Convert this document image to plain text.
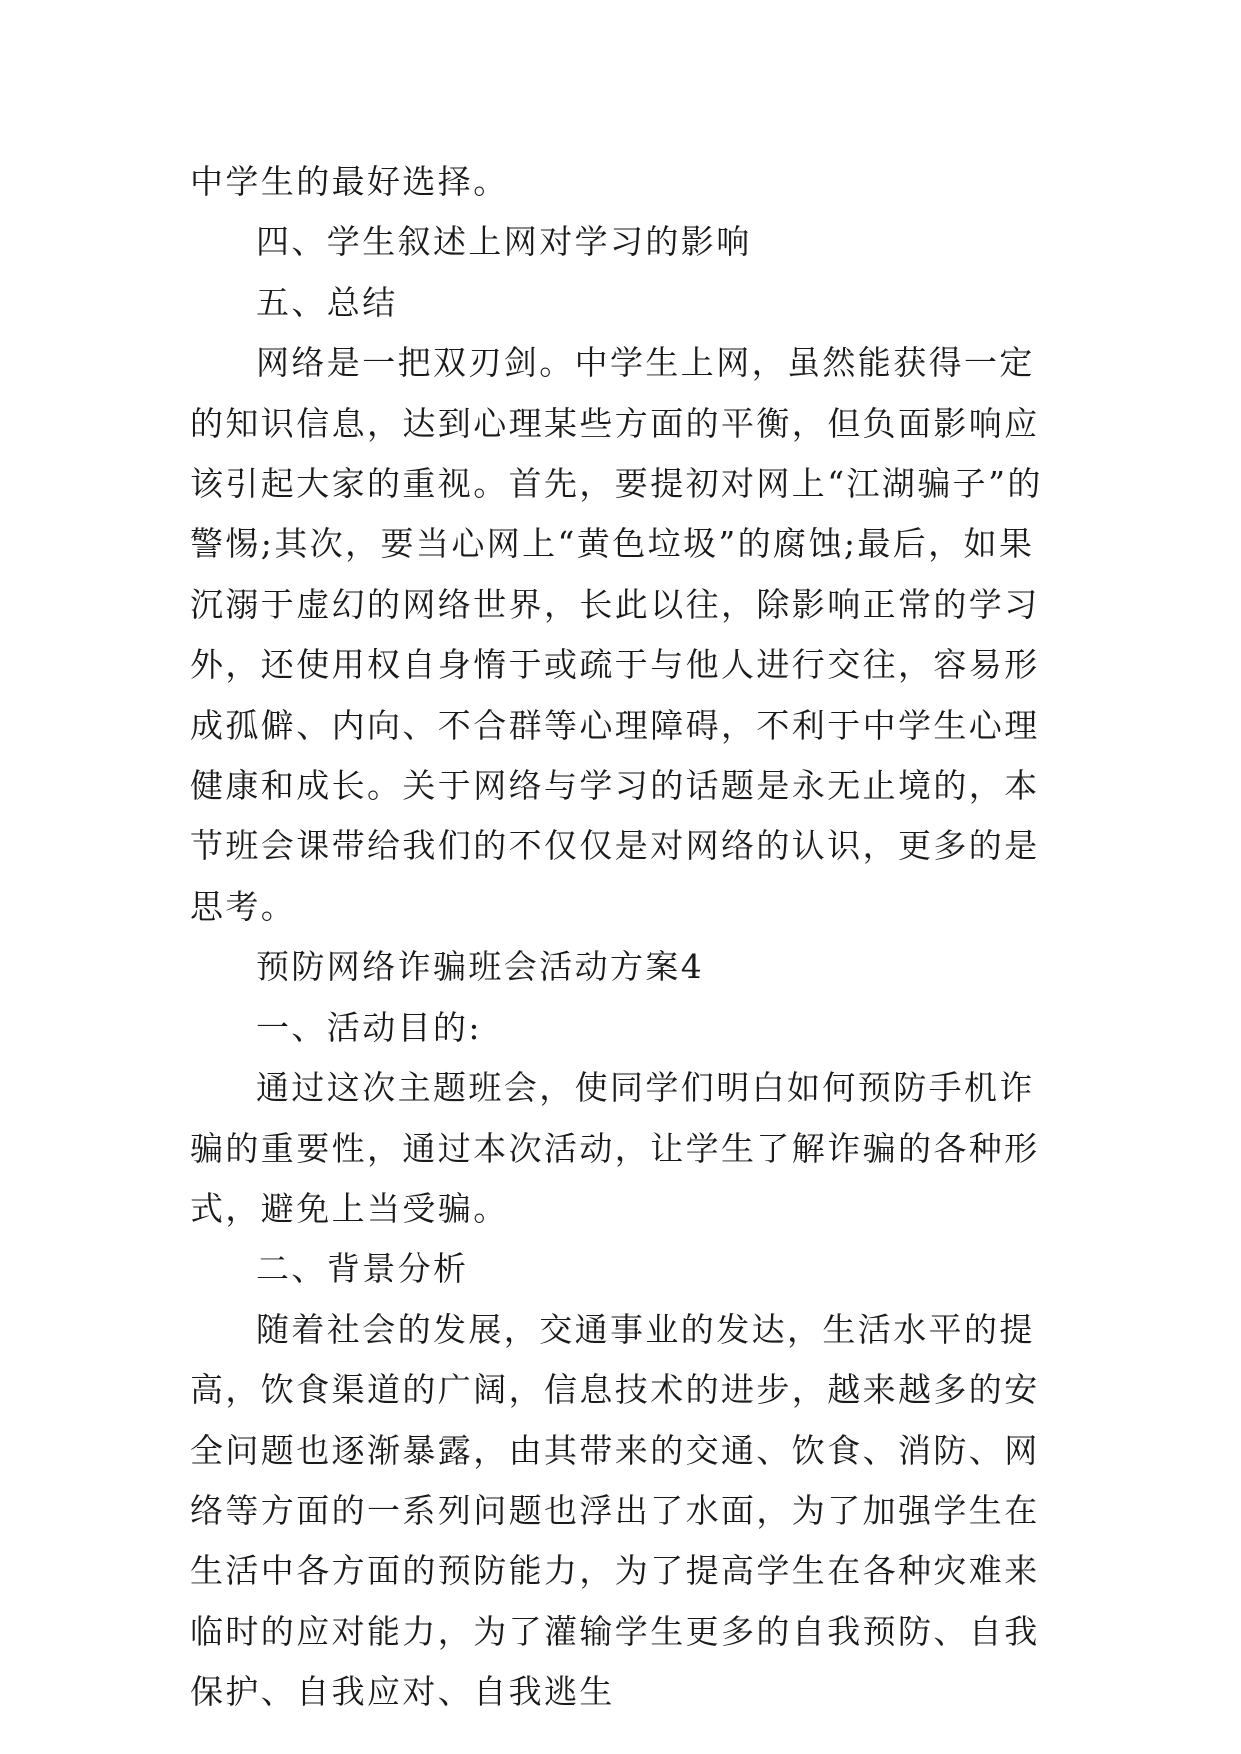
中学生的最好选择。

四、学生叙述上网对学习的影响

五、总结

网络是一把双刃剑。中学生上网，虽然能获得一定的知识信息，达到心理某些方面的平衡，但负面影响应该引起大家的重视。首先，要提初对网上“江湖骗子”的警惕;其次，要当心网上“黄色垃圾”的腐蚀;最后，如果沉溺于虚幻的网络世界，长此以往，除影响正常的学习外，还使用权自身惰于或疏于与他人进行交往，容易形成孤僻、内向、不合群等心理障碍，不利于中学生心理健康和成长。关于网络与学习的话题是永无止境的，本节班会课带给我们的不仅仅是对网络的认识，更多的是思考。

预防网络诈骗班会活动方案4

一、活动目的:

通过这次主题班会，使同学们明白如何预防手机诈骗的重要性，通过本次活动，让学生了解诈骗的各种形式，避免上当受骗。

二、背景分析

随着社会的发展，交通事业的发达，生活水平的提高，饮食渠道的广阔，信息技术的进步，越来越多的安全问题也逐渐暴露，由其带来的交通、饮食、消防、网络等方面的一系列问题也浮出了水面，为了加强学生在生活中各方面的预防能力，为了提高学生在各种灾难来临时的应对能力，为了灌输学生更多的自我预防、自我保护、自我应对、自我逃生
